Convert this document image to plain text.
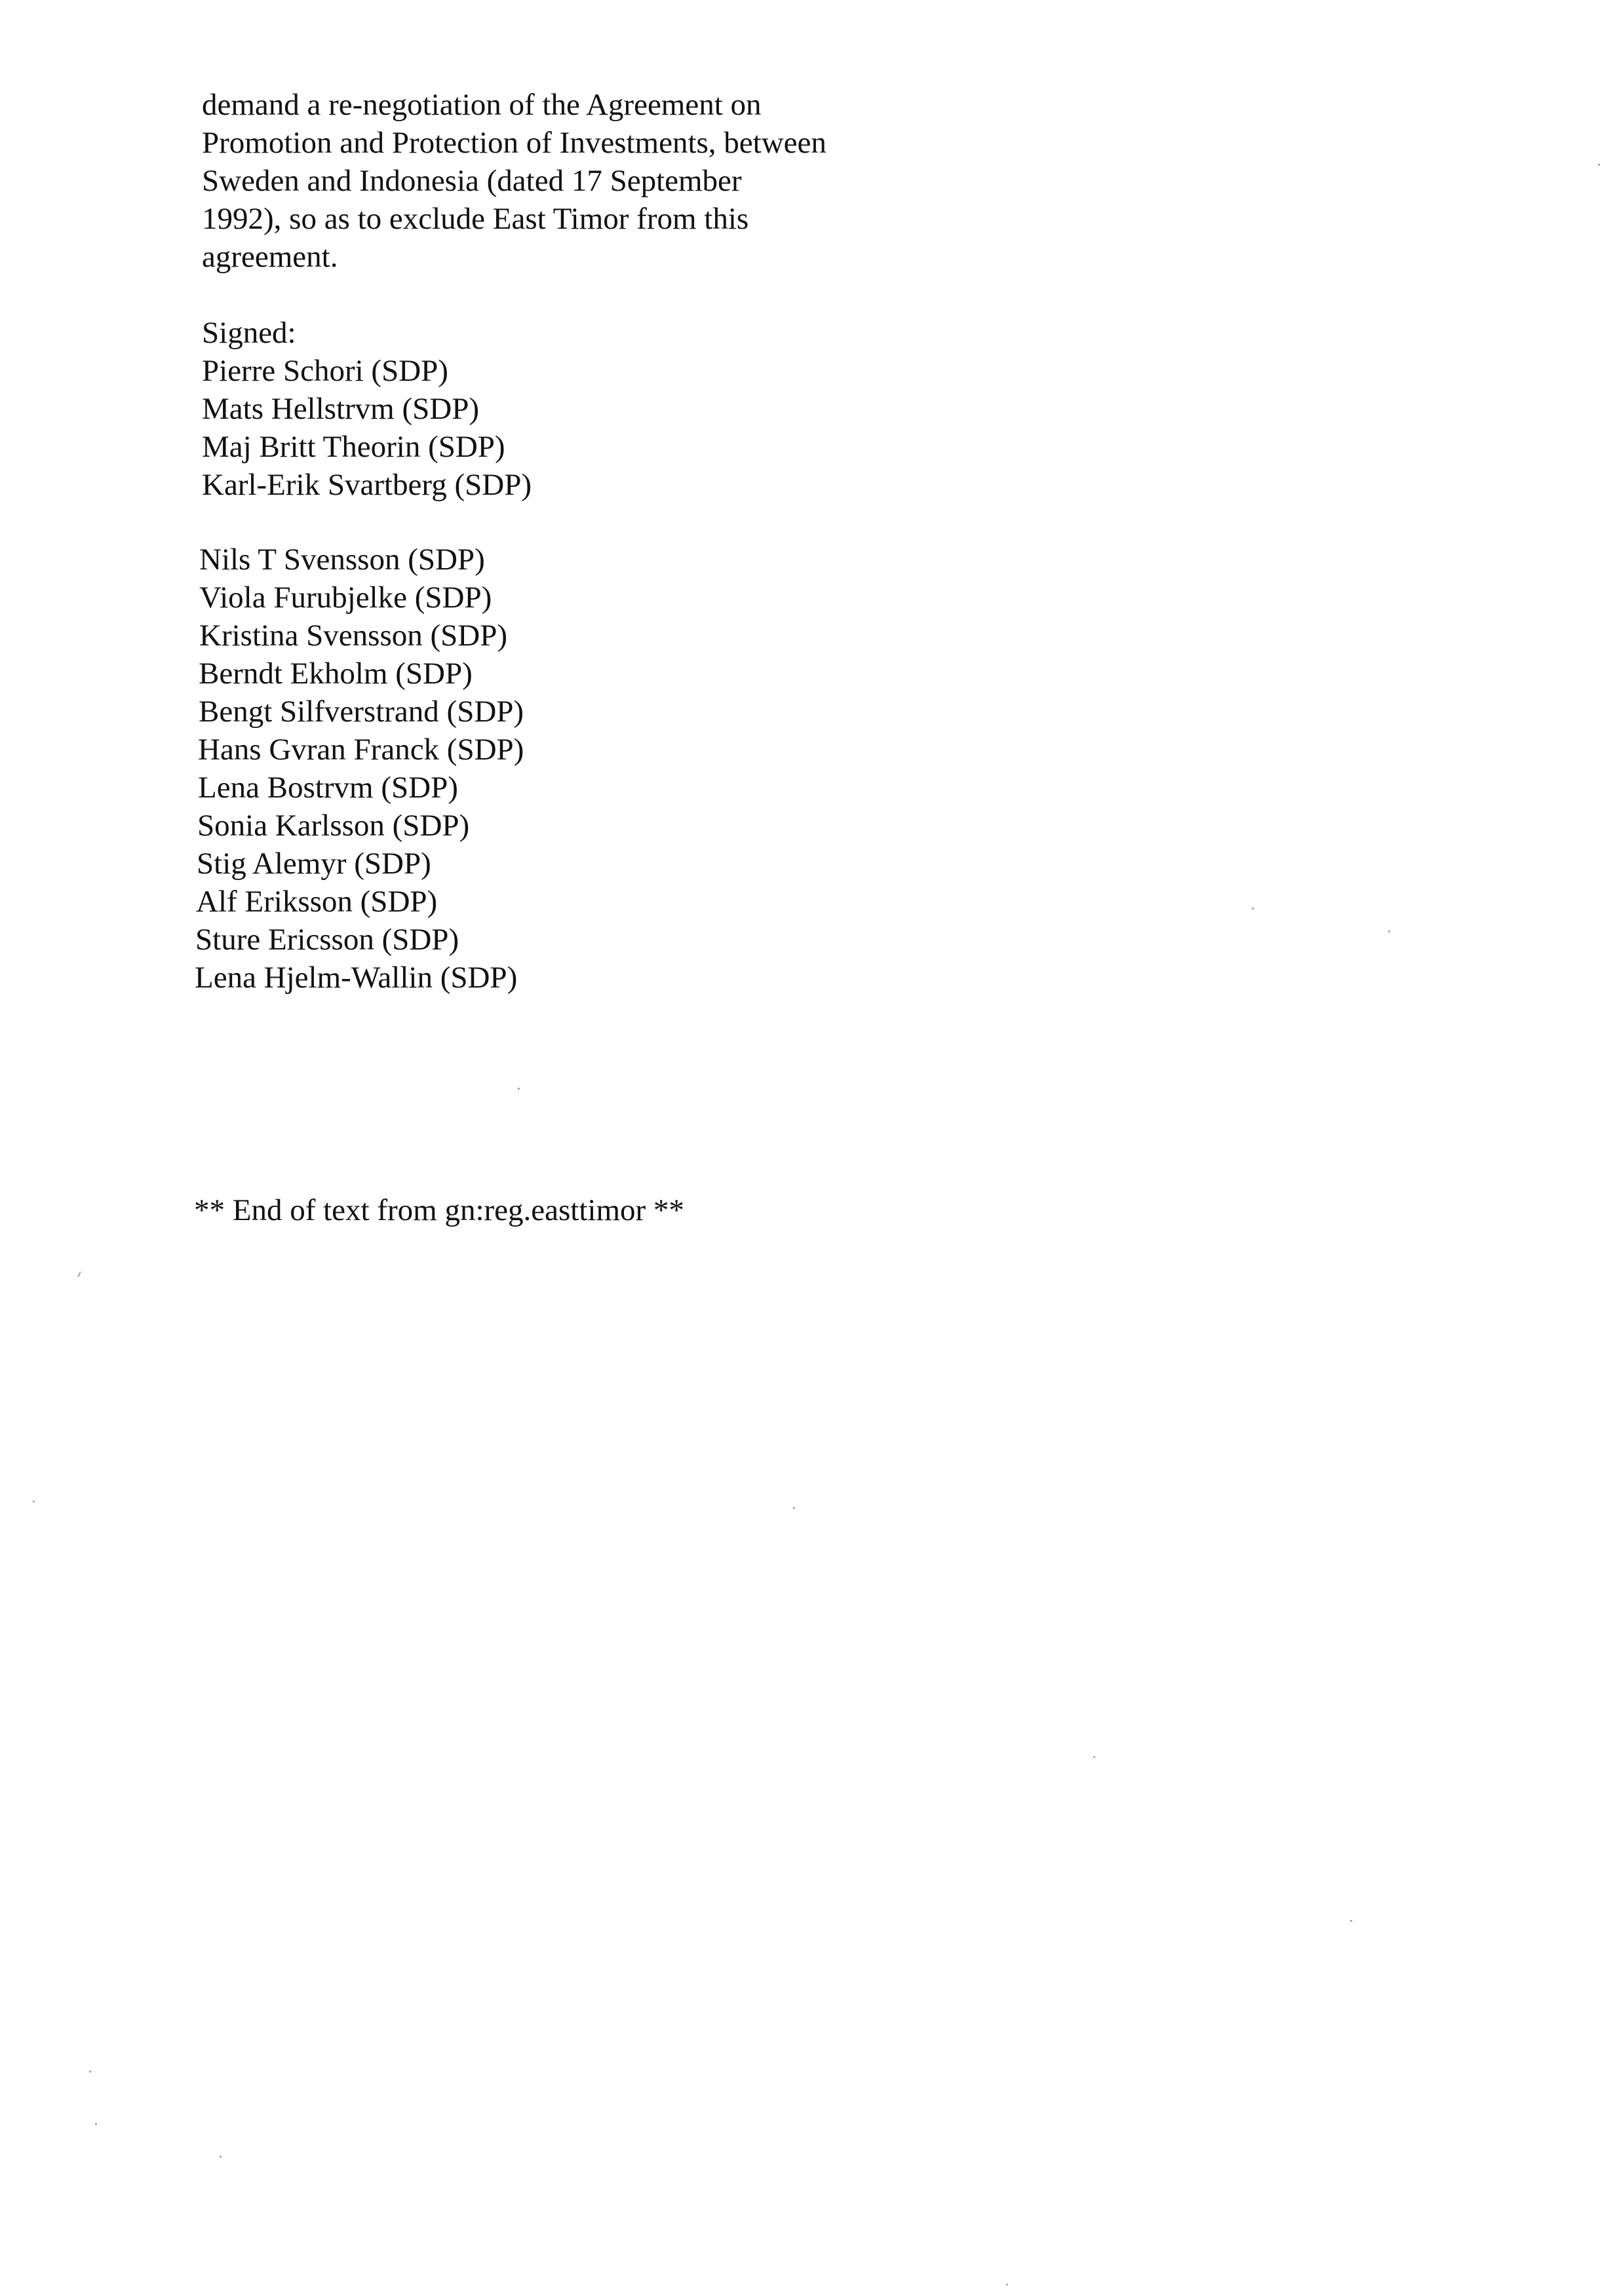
demand a re-negotiation of the Agreement on
Promotion and Protection of Investments, between
Sweden and Indonesia (dated 17 September
1992), so as to exclude East Timor from this
agreement.
Signed:
Pierre Schori (SDP)
Mats Hellstrvm (SDP)
Maj Britt Theorin (SDP)
Karl-Erik Svartberg (SDP)
Nils T Svensson (SDP)
Viola Furubjelke (SDP)
Kristina Svensson (SDP)
Berndt Ekholm (SDP)
Bengt Silfverstrand (SDP)
Hans Gvran Franck (SDP)
Lena Bostrvm (SDP)
Sonia Karlsson (SDP)
Stig Alemyr (SDP)
Alf Eriksson (SDP)
Sture Ericsson (SDP)
Lena Hjelm-Wallin (SDP)
** End of text from gn:reg.easttimor **
